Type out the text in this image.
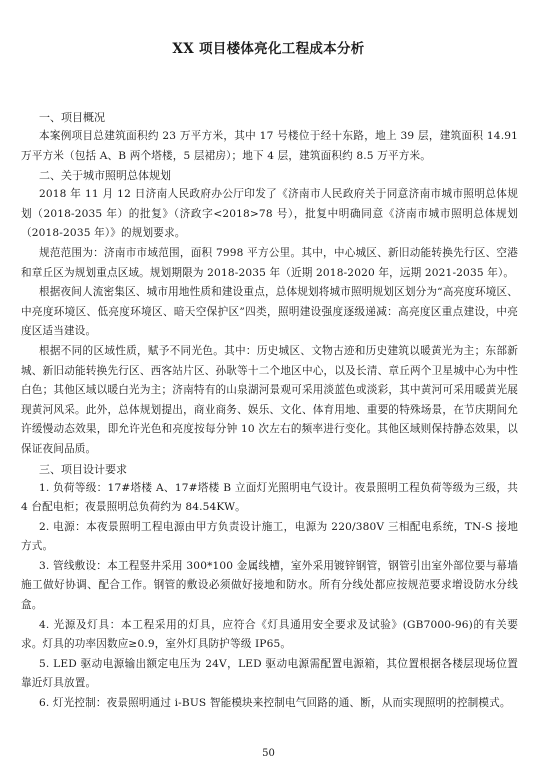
XX 项目楼体亮化工程成本分析

一、项目概况

本案例项目总建筑面积约 23 万平方米，其中 17 号楼位于经十东路，地上 39 层，建筑面积 14.91 万平方米（包括 A、B 两个塔楼，5 层裙房）；地下 4 层，建筑面积约 8.5 万平方米。

二、关于城市照明总体规划

2018 年 11 月 12 日济南人民政府办公厅印发了《济南市人民政府关于同意济南市城市照明总体规划（2018-2035 年）的批复》（济政字<2018>78 号），批复中明确同意《济南市城市照明总体规划（2018-2035 年）》的规划要求。

规范范围为：济南市市域范围，面积 7998 平方公里。其中，中心城区、新旧动能转换先行区、空港和章丘区为规划重点区域。规划期限为 2018-2035 年（近期 2018-2020 年，远期 2021-2035 年）。

根据夜间人流密集区、城市用地性质和建设重点，总体规划将城市照明规划区划分为“高亮度环境区、中亮度环境区、低亮度环境区、暗天空保护区”四类，照明建设强度逐级递减：高亮度区重点建设，中亮度区适当建设。

根据不同的区域性质，赋予不同光色。其中：历史城区、文物古迹和历史建筑以暖黄光为主；东部新城、新旧动能转换先行区、西客站片区、孙耿等十二个地区中心，以及长清、章丘两个卫星城中心为中性白色；其他区域以暖白光为主；济南特有的山泉湖河景观可采用淡蓝色或淡彩，其中黄河可采用暖黄光展现黄河风采。此外，总体规划提出，商业商务、娱乐、文化、体育用地、重要的特殊场景，在节庆期间允许缓慢动态效果，即允许光色和亮度按每分钟 10 次左右的频率进行变化。其他区域则保持静态效果，以保证夜间品质。

三、项目设计要求

1. 负荷等级：17#塔楼 A、17#塔楼 B 立面灯光照明电气设计。夜景照明工程负荷等级为三级，共 4 台配电柜；夜景照明总负荷约为 84.54KW。

2. 电源：本夜景照明工程电源由甲方负责设计施工，电源为 220/380V 三相配电系统，TN-S 接地方式。

3. 管线敷设：本工程竖井采用 300*100 金属线槽，室外采用镀锌钢管，钢管引出室外部位要与幕墙施工做好协调、配合工作。钢管的敷设必须做好接地和防水。所有分线处都应按规范要求增设防水分线盒。

4. 光源及灯具：本工程采用的灯具，应符合《灯具通用安全要求及试验》(GB7000-96)的有关要求。灯具的功率因数应≥0.9，室外灯具防护等级 IP65。

5. LED 驱动电源输出额定电压为 24V，LED 驱动电源需配置电源箱，其位置根据各楼层现场位置靠近灯具放置。

6. 灯光控制：夜景照明通过 i-BUS 智能模块来控制电气回路的通、断，从而实现照明的控制模式。

50
